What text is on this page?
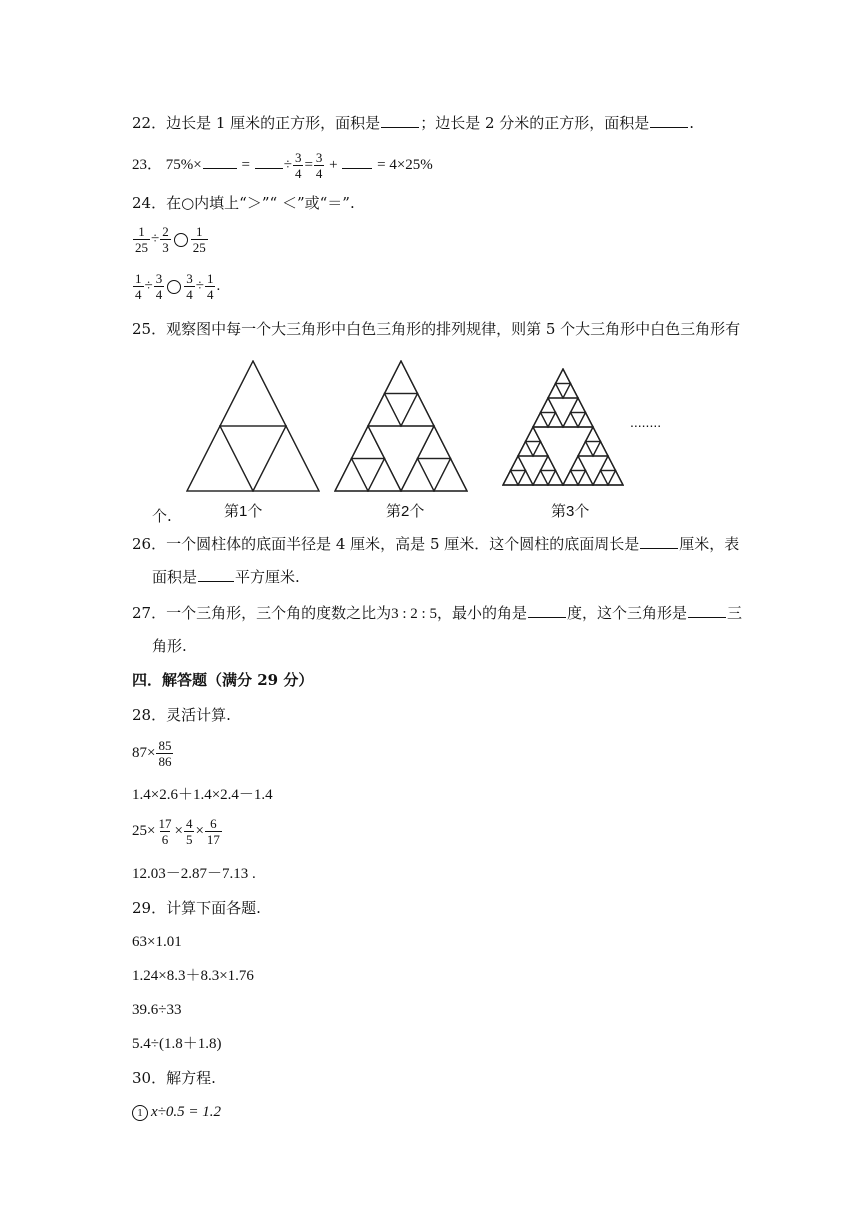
22．边长是 1 厘米的正方形，面积是	；边长是 2 分米的正方形，面积是	.
23． 75%×	= ÷ $\frac{3}{4} = \frac{3}{4}$ +	= 4×25%
24．在○内填上“＞”“ ＜”或“＝”.
$\frac{1}{25} \div \frac{2}{3} \frac{1}{25}$
$\frac{1}{4} \div \frac{3}{4} \frac{3}{4} \div \frac{1}{4}$ .
25．观察图中每一个大三角形中白色三角形的排列规律，则第 5 个大三角形中白色三角形有
........
个.	第1个	第2个	第3个
26．一个圆柱体的底面半径是 4 厘米，高是 5 厘米．这个圆柱的底面周长是	厘米，表
面积是	平方厘米.
27．一个三角形，三个角的度数之比为3 : 2 : 5，最小的角是	度，这个三角形是	三
角形.
四．解答题（满分 29 分）
28．灵活计算.
$87\times \frac{85}{86}$
1.4×2.6＋1.4×2.4－1.4
$25\times \frac{17}{6} \times \frac{4}{5} \times \frac{6}{17}$
12.03－2.87－7.13 .
29．计算下面各题.
63×1.01
1.24×8.3＋8.3×1.76
39.6÷33
5.4÷(1.8＋1.8)
30．解方程.
1 x÷0.5 = 1.2
